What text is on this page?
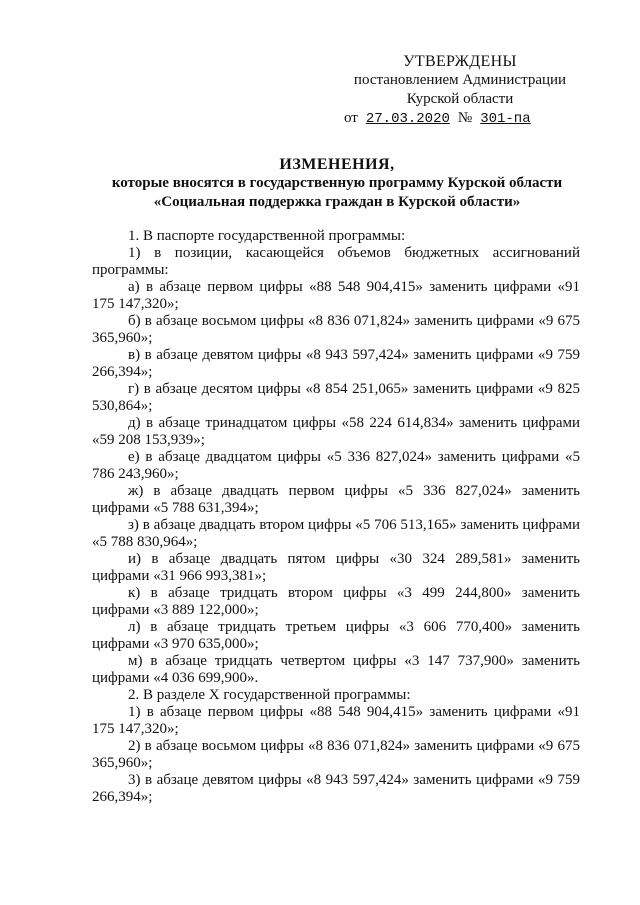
УТВЕРЖДЕНЫ
постановлением Администрации
Курской области
от 27.03.2020 № 301-па
ИЗМЕНЕНИЯ,
которые вносятся в государственную программу Курской области
«Социальная поддержка граждан в Курской области»

1. В паспорте государственной программы:

1) в позиции, касающейся объемов бюджетных ассигнований программы:

а) в абзаце первом цифры «88 548 904,415» заменить цифрами «91 175 147,320»;

б) в абзаце восьмом цифры «8 836 071,824» заменить цифрами «9 675 365,960»;

в) в абзаце девятом цифры «8 943 597,424» заменить цифрами «9 759 266,394»;

г) в абзаце десятом цифры «8 854 251,065» заменить цифрами «9 825 530,864»;

д) в абзаце тринадцатом цифры «58 224 614,834» заменить цифрами «59 208 153,939»;

е) в абзаце двадцатом цифры «5 336 827,024» заменить цифрами «5 786 243,960»;

ж) в абзаце двадцать первом цифры «5 336 827,024» заменить цифрами «5 788 631,394»;

з) в абзаце двадцать втором цифры «5 706 513,165» заменить цифрами «5 788 830,964»;

и) в абзаце двадцать пятом цифры «30 324 289,581» заменить цифрами «31 966 993,381»;

к) в абзаце тридцать втором цифры «3 499 244,800» заменить цифрами «3 889 122,000»;

л) в абзаце тридцать третьем цифры «3 606 770,400» заменить цифрами «3 970 635,000»;

м) в абзаце тридцать четвертом цифры «3 147 737,900» заменить цифрами «4 036 699,900».

2. В разделе X государственной программы:

1) в абзаце первом цифры «88 548 904,415» заменить цифрами «91 175 147,320»;

2) в абзаце восьмом цифры «8 836 071,824» заменить цифрами «9 675 365,960»;

3) в абзаце девятом цифры «8 943 597,424» заменить цифрами «9 759 266,394»;
